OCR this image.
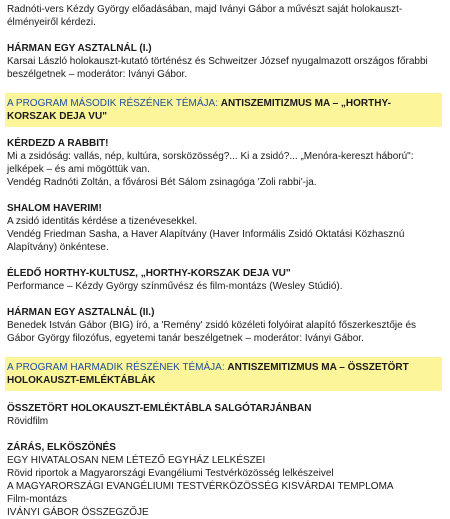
Radnóti-vers Kézdy György előadásában, majd Iványi Gábor a művészt saját holokauszt-élményeiről kérdezi.

HÁRMAN EGY ASZTALNÁL (I.)

Karsai László holokauszt-kutató történész és Schweitzer József nyugalmazott országos főrabbi beszélgetnek – moderátor: Iványi Gábor.

A PROGRAM MÁSODIK RÉSZÉNEK TÉMÁJA: ANTISZEMITIZMUS MA – „HORTHY-KORSZAK DEJA VU"

KÉRDEZD A RABBIT!

Mi a zsidóság: vallás, nép, kultúra, sorsközösség?... Ki a zsidó?... „Menóra-kereszt háború": jelképek – és ami mögöttük van.

Vendég Radnóti Zoltán, a fővárosi Bét Sálom zsinagóga 'Zoli rabbi'-ja.

SHALOM HAVERIM!

A zsidó identitás kérdése a tizenévesekkel.

Vendég Friedman Sasha, a Haver Alapítvány (Haver Informális Zsidó Oktatási Közhasznú Alapítvány) önkéntese.

ÉLEDŐ HORTHY-KULTUSZ, „HORTHY-KORSZAK DEJA VU"

Performance – Kézdy György színművész és film-montázs (Wesley Stúdió).

HÁRMAN EGY ASZTALNÁL (II.)

Benedek István Gábor (BIG) író, a 'Remény' zsidó közéleti folyóirat alapító főszerkesztője és Gábor György filozófus, egyetemi tanár beszélgetnek – moderátor: Iványi Gábor.

A PROGRAM HARMADIK RÉSZÉNEK TÉMÁJA: ANTISZEMITIZMUS MA – ÖSSZETÖRT HOLOKAUSZT-EMLÉKTÁBLÁK

ÖSSZETÖRT HOLOKAUSZT-EMLÉKTÁBLA SALGÓTARJÁNBAN

Rövidfilm

ZÁRÁS, ELKÖSZÖNÉS

EGY HIVATALOSAN NEM LÉTEZŐ EGYHÁZ LELKÉSZEI

Rövid riportok a Magyarországi Evangéliumi Testvérközösség lelkészeivel

A MAGYARORSZÁGI EVANGÉLIUMI TESTVÉRKÖZÖSSÉG KISVÁRDAI TEMPLOMA

Film-montázs

IVÁNYI GÁBOR ÖSSZEGZŐJE
